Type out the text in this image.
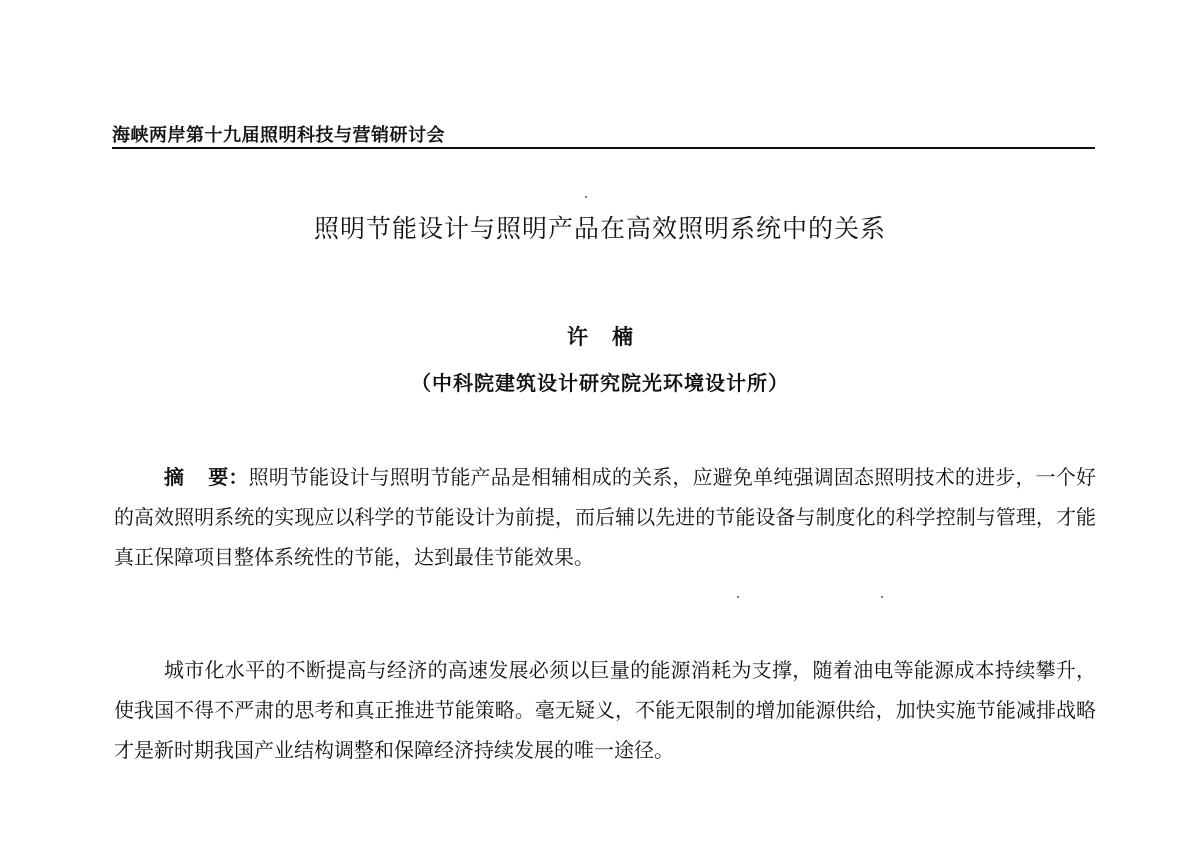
海峡两岸第十九届照明科技与营销研讨会
照明节能设计与照明产品在高效照明系统中的关系
许楠
（中科院建筑设计研究院光环境设计所）

摘要：照明节能设计与照明节能产品是相辅相成的关系，应避免单纯强调固态照明技术的进步，一个好的高效照明系统的实现应以科学的节能设计为前提，而后辅以先进的节能设备与制度化的科学控制与管理，才能真正保障项目整体系统性的节能，达到最佳节能效果。

城市化水平的不断提高与经济的高速发展必须以巨量的能源消耗为支撑，随着油电等能源成本持续攀升，使我国不得不严肃的思考和真正推进节能策略。毫无疑义，不能无限制的增加能源供给，加快实施节能减排战略才是新时期我国产业结构调整和保障经济持续发展的唯一途径。
